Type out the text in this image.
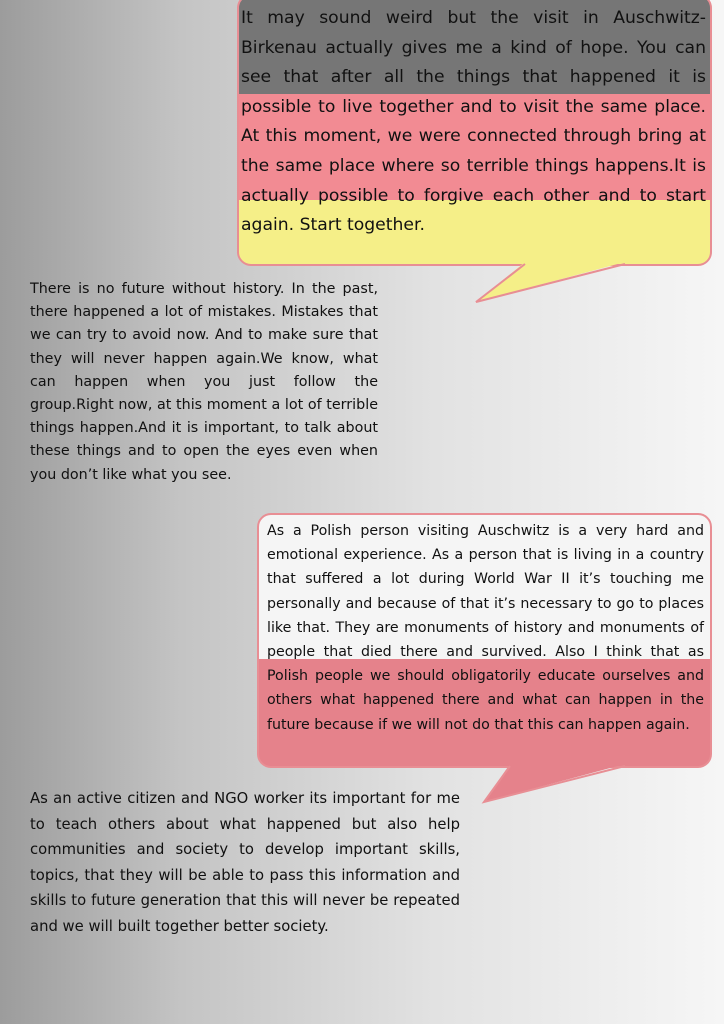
It may sound weird but the visit in Auschwitz-Birkenau actually gives me a kind of hope. You can see that after all the things that happened it is possible to live together and to visit the same place. At this moment, we were connected through bring at the same place where so terrible things happens.It is actually possible to forgive each other and to start again. Start together.

There is no future without history. In the past, there happened a lot of mistakes. Mistakes that we can try to avoid now. And to make sure that they will never happen again.We know, what can happen when you just follow the group.Right now, at this moment a lot of terrible things happen.And it is important, to talk about these things and to open the eyes even when you don’t like what you see.

As a Polish person visiting Auschwitz is a very hard and emotional experience. As a person that is living in a country that suffered a lot during World War II it’s touching me personally and because of that it’s necessary to go to places like that. They are monuments of history and monuments of people that died there and survived. Also I think that as Polish people we should obligatorily educate ourselves and others what happened there and what can happen in the future because if we will not do that this can happen again.

As an active citizen and NGO worker its important for me to teach others about what happened but also help communities and society to develop important skills, topics, that they will be able to pass this information and skills to future generation that this will never be repeated and we will built together better society.
